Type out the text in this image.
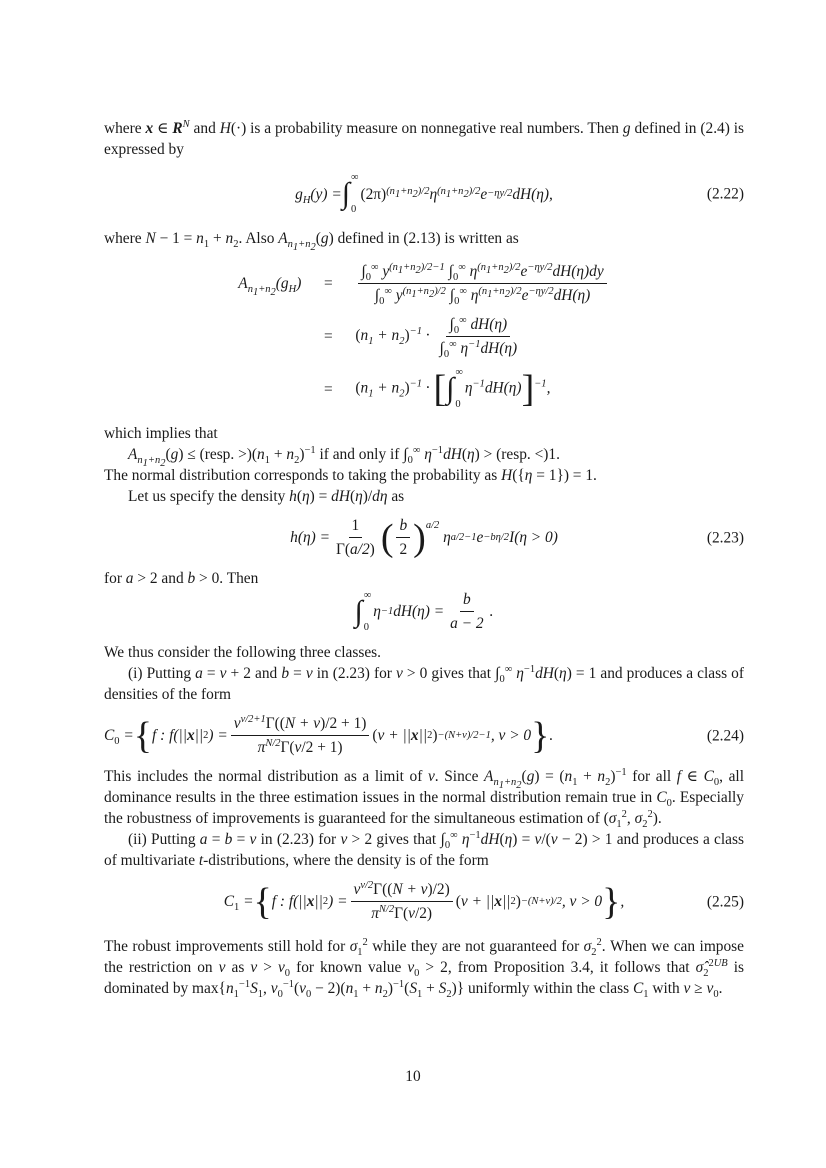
where x ∈ $R^N$ and H(·) is a probability measure on nonnegative real numbers. Then g defined in (2.4) is expressed by

$g_H(y)$ = ∫ ∞
0
(2π) $(n_1+n_2)/2$ η $(n_1+n_2)/2$ e −ηy/2 dH(η),	(2.22)

where $N - 1 = n_1 + n_2$. Also $A_{n_1+n_2}(g)$ defined in (2.13) is written as

$A_{n_1+n_2}(g_H)$	=	$\frac{\int_0^\infty y^{(n_1+n_2)/2-1} \int_0^\infty \eta^{(n_1+n_2)/2}e^{-\eta y/2}dH(\eta)dy}{\int_0^\infty y^{(n_1+n_2)/2} \int_0^\infty \eta^{(n_1+n_2)/2}e^{-\eta y/2}dH(\eta)}$

	=	$(n_1 + n_2)^{-1} \cdot \frac{\int_0^\infty dH(\eta)}{\int_0^\infty \eta^{-1}dH(\eta)}$

	=	$(n_1 + n_2)^{-1}$ · [∫ ∞
0
$\eta^{-1}dH(\eta)]^{-1}$,

which implies that

$A_{n_1+n_2}(g)$ ≤ (resp. $>)(n_1 + n_2)^{-1}$ if and only if $\int_0^\infty$ $\eta^{-1}dH(\eta)$ > (resp. <)1.

The normal distribution corresponds to taking the probability as H({η = 1}) = 1.

Let us specify the density h(η) = dH(η)/dη as

$h(\eta) = \frac{1}{\Gamma(a/2)}$ ( $\frac{b}{2} )^{a/2}$
η a/2−1 e −bη/2 I(η > 0)	(2.23)

for a > 2 and b > 0. Then

∫ ∞
0
η −1 $dH(\eta) = \frac{b}{a - 2}$ .

We thus consider the following three classes.

(i) Putting a = ν + 2 and b = ν in (2.23) for ν > 0 gives that $\int_0^\infty$ $\eta^{-1}dH(\eta) = 1$ and produces a class of densities of the form

$C_0$ = { f : f(|| x || 2 ) = $\frac{\nu^{\nu/2+1}\Gamma((N + \nu)/2 + 1)}{\pi^{N/2}\Gamma(\nu/2 + 1)}$ ( ν + || x || 2 ) −(N+ν)/2−1 , ν > 0 } .	(2.24)

This includes the normal distribution as a limit of ν. Since $A_{n_1+n_2}(g) = (n_1 + n_2)^{-1}$ for all f ∈ $C_0$, all dominance results in the three estimation issues in the normal distribution remain true in $C_0$. Especially the robustness of improvements is guaranteed for the simultaneous estimation of ($\sigma_1^2$, $\sigma_2^2$).

(ii) Putting a = b = ν in (2.23) for ν > 2 gives that $\int_0^\infty$ $\eta^{-1}dH(\eta) = \nu/(\nu - 2) > 1$ and produces a class of multivariate t-distributions, where the density is of the form

$C_1$ = { f : f(|| x || 2 ) = $\frac{\nu^{\nu/2}\Gamma((N + \nu)/2)}{\pi^{N/2}\Gamma(\nu/2)}$ ( ν + || x || 2 ) −(N+ν)/2 , ν > 0 } ,	(2.25)

The robust improvements still hold for $\sigma_1^2$ while they are not guaranteed for $\sigma_2^2$. When we can impose the restriction on ν as $\nu > \nu_0$ for known value $\nu_0 > 2$, from Proposition 3.4, it follows that $\sigmâ_2^{2UB}$ is dominated by $\max\{n_1^{-1}S_1$, $\nu_0^{-1}(\nu_0 - 2)(n_1 + n_2)^{-1}(S_1 + S_2)$} uniformly within the class $C_1$ with $\nu \ge \nu_0$.

10
